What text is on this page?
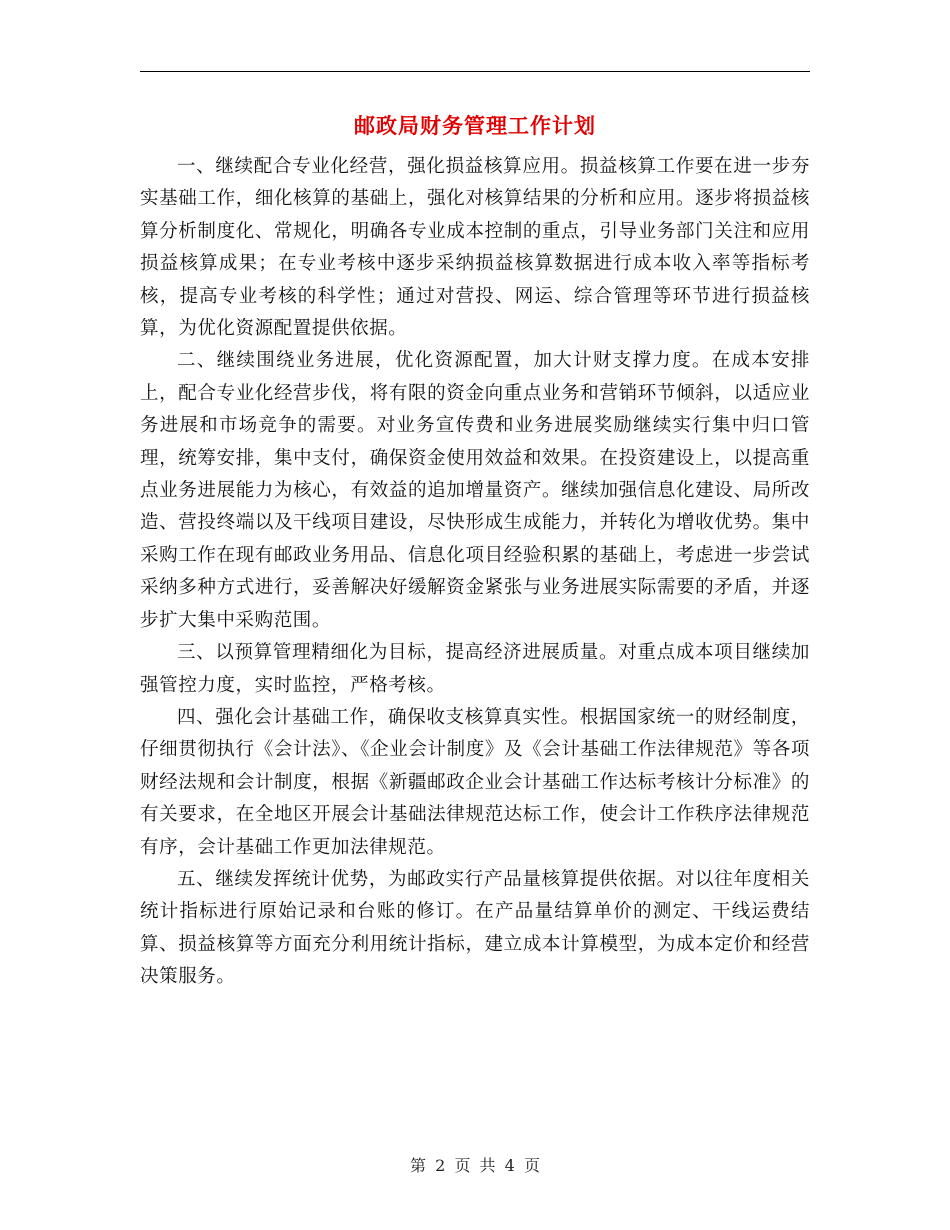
邮政局财务管理工作计划

一、继续配合专业化经营，强化损益核算应用。损益核算工作要在进一步夯实基础工作，细化核算的基础上，强化对核算结果的分析和应用。逐步将损益核算分析制度化、常规化，明确各专业成本控制的重点，引导业务部门关注和应用损益核算成果；在专业考核中逐步采纳损益核算数据进行成本收入率等指标考核，提高专业考核的科学性；通过对营投、网运、综合管理等环节进行损益核算，为优化资源配置提供依据。

二、继续围绕业务进展，优化资源配置，加大计财支撑力度。在成本安排上，配合专业化经营步伐，将有限的资金向重点业务和营销环节倾斜，以适应业务进展和市场竞争的需要。对业务宣传费和业务进展奖励继续实行集中归口管理，统筹安排，集中支付，确保资金使用效益和效果。在投资建设上，以提高重点业务进展能力为核心，有效益的追加增量资产。继续加强信息化建设、局所改造、营投终端以及干线项目建设，尽快形成生成能力，并转化为增收优势。集中采购工作在现有邮政业务用品、信息化项目经验积累的基础上，考虑进一步尝试采纳多种方式进行，妥善解决好缓解资金紧张与业务进展实际需要的矛盾，并逐步扩大集中采购范围。

三、以预算管理精细化为目标，提高经济进展质量。对重点成本项目继续加强管控力度，实时监控，严格考核。

四、强化会计基础工作，确保收支核算真实性。根据国家统一的财经制度，仔细贯彻执行《会计法》、《企业会计制度》及《会计基础工作法律规范》等各项财经法规和会计制度，根据《新疆邮政企业会计基础工作达标考核计分标准》的有关要求，在全地区开展会计基础法律规范达标工作，使会计工作秩序法律规范有序，会计基础工作更加法律规范。

五、继续发挥统计优势，为邮政实行产品量核算提供依据。对以往年度相关统计指标进行原始记录和台账的修订。在产品量结算单价的测定、干线运费结算、损益核算等方面充分利用统计指标，建立成本计算模型，为成本定价和经营决策服务。

第 2 页 共 4 页
